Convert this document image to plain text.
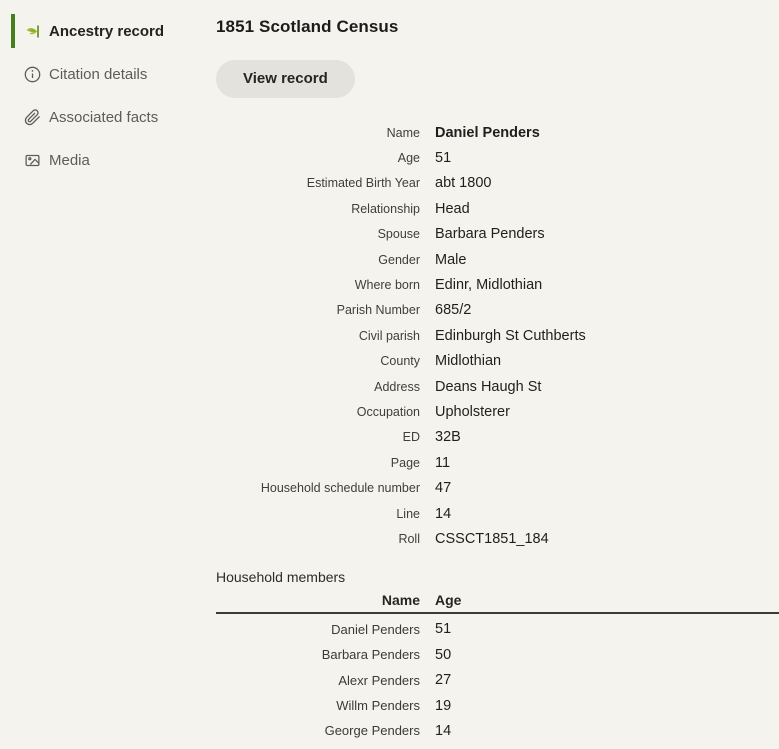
Ancestry record
Citation details
Associated facts
Media
1851 Scotland Census
View record
Name Daniel Penders
Age 51
Estimated Birth Year abt 1800
Relationship Head
Spouse Barbara Penders
Gender Male
Where born Edinr, Midlothian
Parish Number 685/2
Civil parish Edinburgh St Cuthberts
County Midlothian
Address Deans Haugh St
Occupation Upholsterer
ED 32B
Page 11
Household schedule number 47
Line 14
Roll CSSCT1851_184
Household members
Name Age
Daniel Penders 51
Barbara Penders 50
Alexr Penders 27
Willm Penders 19
George Penders 14
